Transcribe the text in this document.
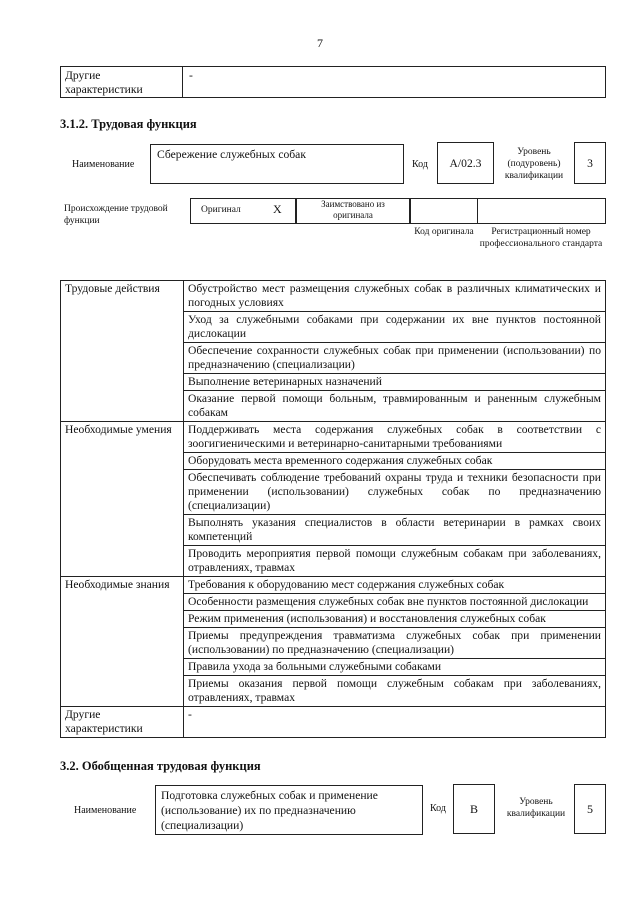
7
Другие характеристики
-
3.1.2. Трудовая функция
Наименование
Сбережение служебных собак
Код A/02.3
Уровень (подуровень) квалификации
3
Происхождение трудовой функции
Оригинал	X	Заимствовано из оригинала
Код оригинала	Регистрационный номер профессионального стандарта
Трудовые действия	Обустройство мест размещения служебных собак в различных климатических и погодных условиях
	Уход за служебными собаками при содержании их вне пунктов постоянной дислокации
	Обеспечение сохранности служебных собак при применении (использовании) по предназначению (специализации)
	Выполнение ветеринарных назначений
	Оказание первой помощи больным, травмированным и раненным служебным собакам
Необходимые умения	Поддерживать места содержания служебных собак в соответствии с зоогигиеническими и ветеринарно-санитарными требованиями
	Оборудовать места временного содержания служебных собак
	Обеспечивать соблюдение требований охраны труда и техники безопасности при применении (использовании) служебных собак по предназначению (специализации)
	Выполнять указания специалистов в области ветеринарии в рамках своих компетенций
	Проводить мероприятия первой помощи служебным собакам при заболеваниях, отравлениях, травмах
Необходимые знания	Требования к оборудованию мест содержания служебных собак
	Особенности размещения служебных собак вне пунктов постоянной дислокации
	Режим применения (использования) и восстановления служебных собак
	Приемы предупреждения травматизма служебных собак при применении (использовании) по предназначению (специализации)
	Правила ухода за больными служебными собаками
	Приемы оказания первой помощи служебным собакам при заболеваниях, отравлениях, травмах
Другие характеристики	-
3.2. Обобщенная трудовая функция
Наименование
Подготовка служебных собак и применение (использование) их по предназначению (специализации)
Код B	Уровень квалификации	5
